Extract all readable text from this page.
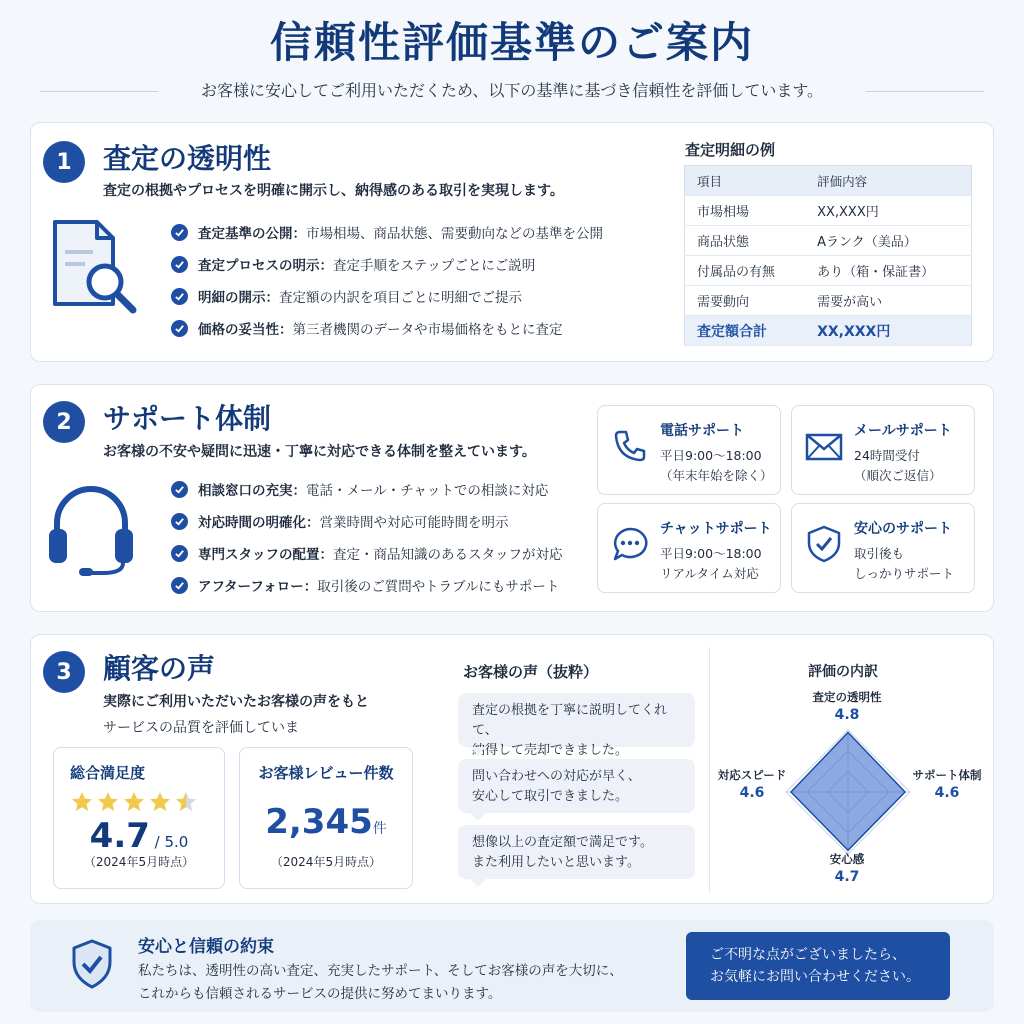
信頼性評価基準のご案内
お客様に安心してご利用いただくため、以下の基準に基づき信頼性を評価しています。
1	査定の透明性
査定の根拠やプロセスを明確に開示し、納得感のある取引を実現します。
査定基準の公開： 市場相場、商品状態、需要動向などの基準を公開
査定プロセスの明示： 査定手順をステップごとにご説明
明細の開示： 査定額の内訳を項目ごとに明細でご提示
価格の妥当性： 第三者機関のデータや市場価格をもとに査定
査定明細の例
項目	評価内容
市場相場	XX,XXX円
商品状態	Aランク（美品）
付属品の有無	あり（箱・保証書）
需要動向	需要が高い
査定額合計	XX,XXX円
2	サポート体制
お客様の不安や疑問に迅速・丁寧に対応できる体制を整えています。
相談窓口の充実： 電話・メール・チャットでの相談に対応
対応時間の明確化： 営業時間や対応可能時間を明示
専門スタッフの配置： 査定・商品知識のあるスタッフが対応
アフターフォロー： 取引後のご質問やトラブルにもサポート
電話サポート
平日9:00〜18:00
（年末年始を除く）
メールサポート
24時間受付
（順次ご返信）
チャットサポート
平日9:00〜18:00
リアルタイム対応
安心のサポート
取引後も
しっかりサポート
3	顧客の声
実際にご利用いただいたお客様の声をもと
サービスの品質を評価していま
総合満足度
4.7 / 5.0
（2024年5月時点）
お客様レビュー件数
2,345件
（2024年5月時点）
お客様の声（抜粋）
査定の根拠を丁寧に説明してくれて、
納得して売却できました。
問い合わせへの対応が早く、
安心して取引できました。
想像以上の査定額で満足です。
また利用したいと思います。
評価の内訳
査定の透明性
4.8
サポート体制
4.6
安心感
4.7
対応スピード
4.6
安心と信頼の約束
私たちは、透明性の高い査定、充実したサポート、そしてお客様の声を大切に、
これからも信頼されるサービスの提供に努めてまいります。
ご不明な点がございましたら、
お気軽にお問い合わせください。
